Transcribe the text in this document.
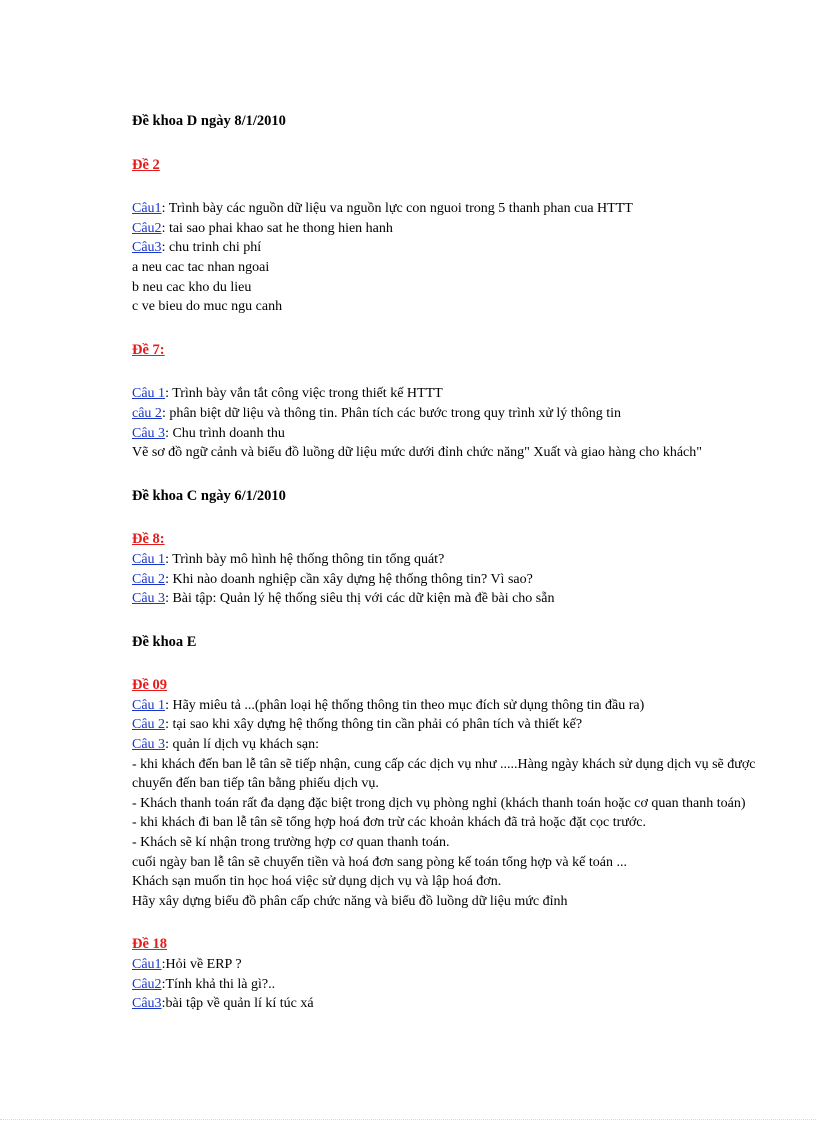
Đề khoa D ngày 8/1/2010

Đề 2

Câu1: Trình bày các nguồn dữ liệu va nguồn lực con nguoi trong 5 thanh phan cua HTTT

Câu2: tai sao phai khao sat he thong hien hanh

Câu3: chu trinh chi phí

a neu cac tac nhan ngoai

b neu cac kho du lieu

c ve bieu do muc ngu canh

Đề 7:

Câu 1: Trình bày vắn tắt công việc trong thiết kế HTTT

câu 2: phân biệt dữ liệu và thông tin. Phân tích các bước trong quy trình xử lý thông tin

Câu 3: Chu trình doanh thu

Vẽ sơ đồ ngữ cảnh và biểu đồ luồng dữ liệu mức dưới đỉnh chức năng" Xuất và giao hàng cho khách"

Đề khoa C ngày 6/1/2010

Đề 8:

Câu 1: Trình bày mô hình hệ thống thông tin tổng quát?

Câu 2: Khi nào doanh nghiệp cần xây dựng hệ thống thông tin? Vì sao?

Câu 3: Bài tập: Quản lý hệ thống siêu thị với các dữ kiện mà đề bài cho sẵn

Đề khoa E

Đề 09

Câu 1: Hãy miêu tả ...(phân loại hệ thống thông tin theo mục đích sử dụng thông tin đầu ra)

Câu 2: tại sao khi xây dựng hệ thống thông tin cần phải có phân tích và thiết kế?

Câu 3: quản lí dịch vụ khách sạn:

- khi khách đến ban lễ tân sẽ tiếp nhận, cung cấp các dịch vụ như .....Hàng ngày khách sử dụng dịch vụ sẽ được chuyển đến ban tiếp tân bằng phiếu dịch vụ.

- Khách thanh toán rất đa dạng đặc biệt trong dịch vụ phòng nghỉ (khách thanh toán hoặc cơ quan thanh toán)

- khi khách đi ban lễ tân sẽ tổng hợp hoá đơn trừ các khoản khách đã trả hoặc đặt cọc trước.

- Khách sẽ kí nhận trong trường hợp cơ quan thanh toán.

cuối ngày ban lễ tân sẽ chuyển tiền và hoá đơn sang pòng kế toán tổng hợp và kế toán ...

Khách sạn muốn tin học hoá việc sử dụng dịch vụ và lập hoá đơn.

Hãy xây dựng biểu đồ phân cấp chức năng và biểu đồ luồng dữ liệu mức đỉnh

Đề 18

Câu1:Hỏi về ERP ?

Câu2:Tính khả thi là gì?..

Câu3:bài tập về quản lí kí túc xá
